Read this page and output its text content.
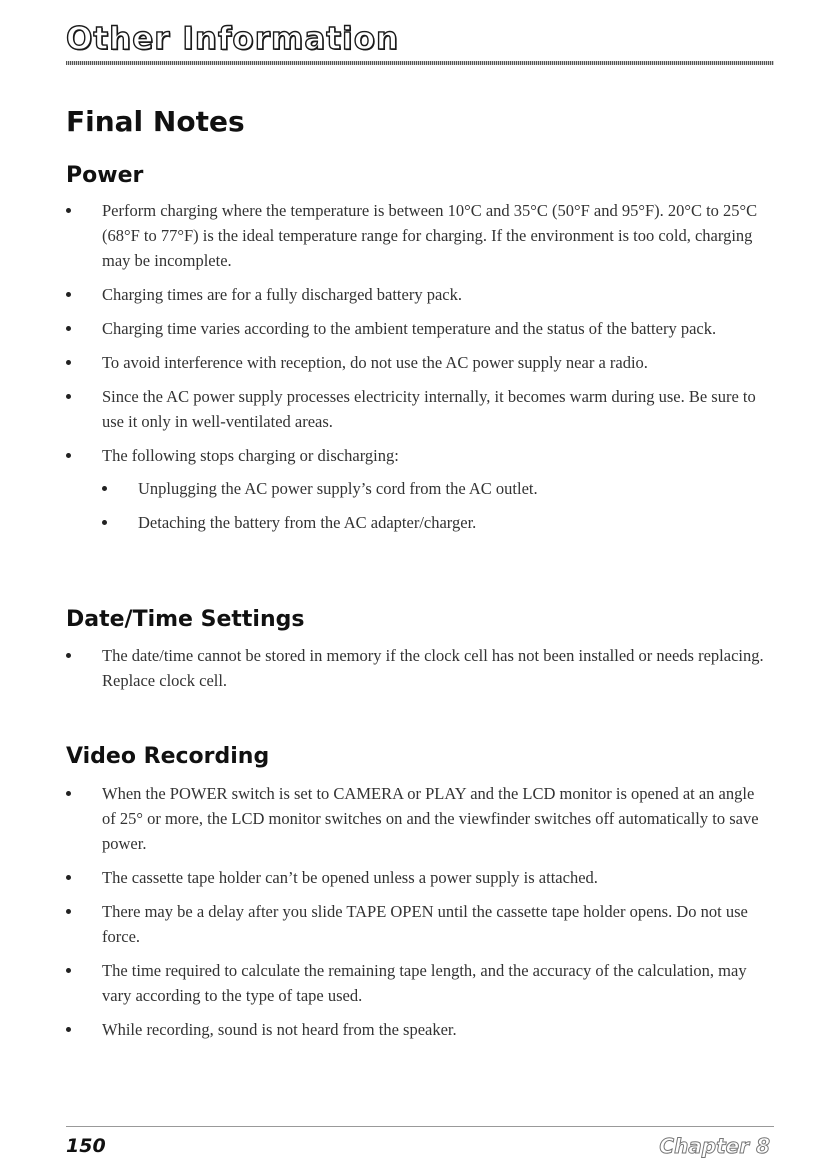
Other Information
Final Notes
Power
Perform charging where the temperature is between 10°C and 35°C (50°F and 95°F). 20°C to 25°C (68°F to 77°F) is the ideal temperature range for charging. If the environment is too cold, charging may be incomplete.
Charging times are for a fully discharged battery pack.
Charging time varies according to the ambient temperature and the status of the battery pack.
To avoid interference with reception, do not use the AC power supply near a radio.
Since the AC power supply processes electricity internally, it becomes warm during use. Be sure to use it only in well-ventilated areas.
The following stops charging or discharging:
Unplugging the AC power supply’s cord from the AC outlet.
Detaching the battery from the AC adapter/charger.
Date/Time Settings
The date/time cannot be stored in memory if the clock cell has not been installed or needs replacing. Replace clock cell.
Video Recording
When the POWER switch is set to CAMERA or PLAY and the LCD monitor is opened at an angle of 25° or more, the LCD monitor switches on and the viewfinder switches off automatically to save power.
The cassette tape holder can’t be opened unless a power supply is attached.
There may be a delay after you slide TAPE OPEN until the cassette tape holder opens. Do not use force.
The time required to calculate the remaining tape length, and the accuracy of the calculation, may vary according to the type of tape used.
While recording, sound is not heard from the speaker.
150	Chapter 8
